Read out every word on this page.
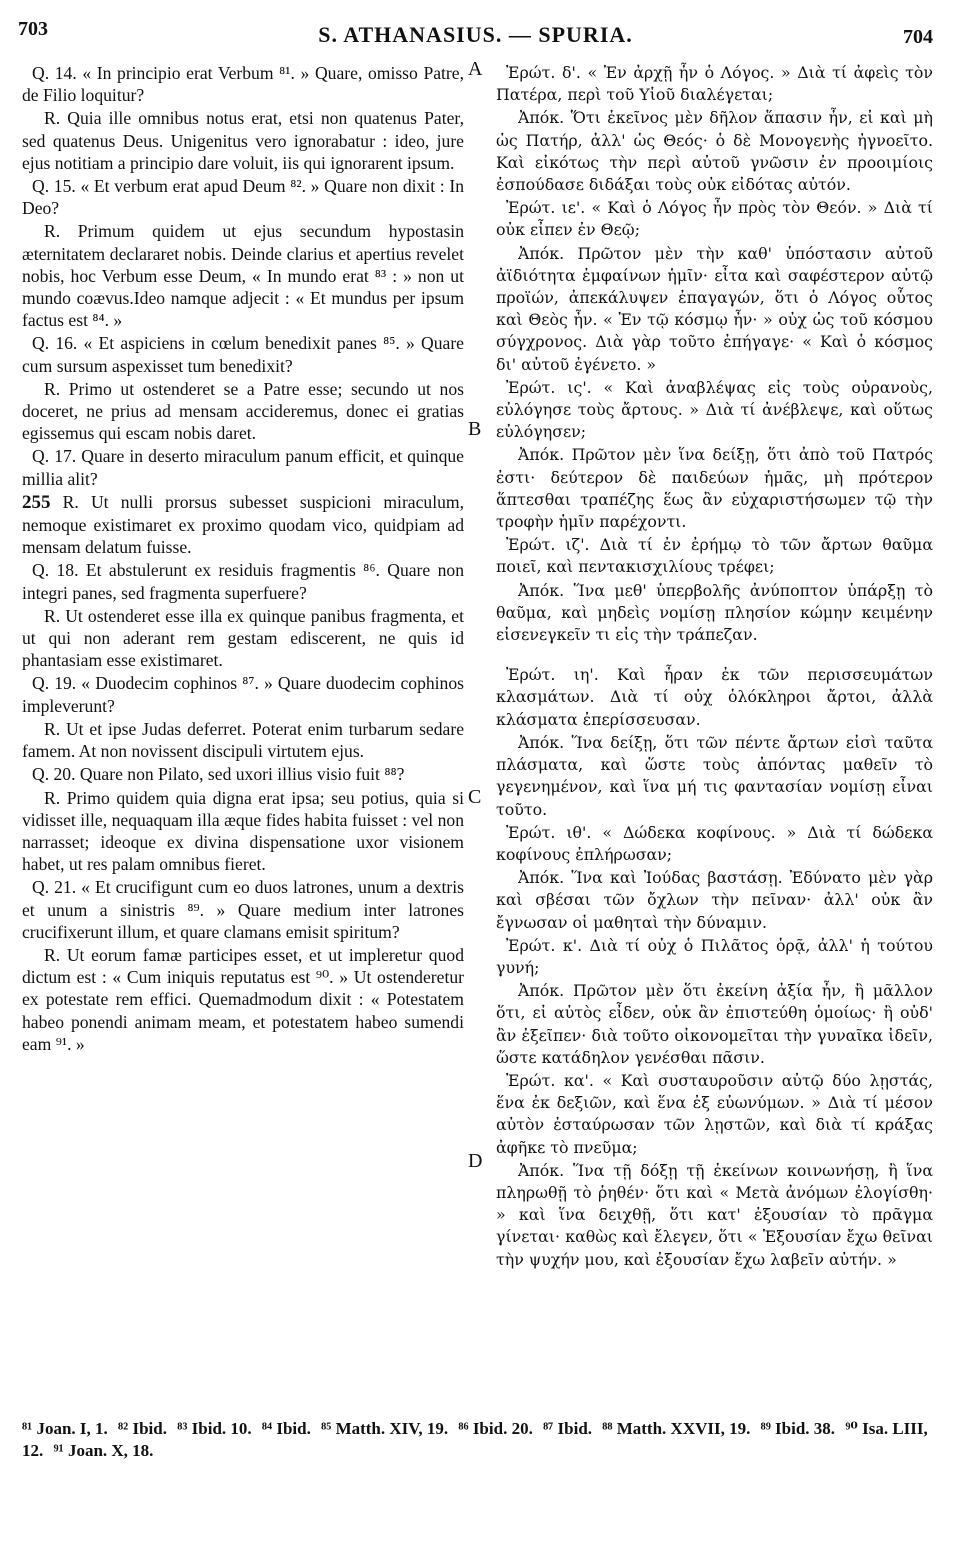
703	S. ATHANASIUS. — SPURIA.	704
A
B
C
D

Q. 14. « In principio erat Verbum ⁸¹. » Quare, omisso Patre, de Filio loquitur?

R. Quia ille omnibus notus erat, etsi non quatenus Pater, sed quatenus Deus. Unigenitus vero ignorabatur : ideo, jure ejus notitiam a principio dare voluit, iis qui ignorarent ipsum.

Q. 15. « Et verbum erat apud Deum ⁸². » Quare non dixit : In Deo?

R. Primum quidem ut ejus secundum hypostasin æternitatem declararet nobis. Deinde clarius et apertius revelet nobis, hoc Verbum esse Deum, « In mundo erat ⁸³ : » non ut mundo coævus.Ideo namque adjecit : « Et mundus per ipsum factus est ⁸⁴. »

Q. 16. « Et aspiciens in cœlum benedixit panes ⁸⁵. » Quare cum sursum aspexisset tum benedixit?

R. Primo ut ostenderet se a Patre esse; secundo ut nos doceret, ne prius ad mensam accideremus, donec ei gratias egissemus qui escam nobis daret.

Q. 17. Quare in deserto miraculum panum efficit, et quinque millia alit?

255 R. Ut nulli prorsus subesset suspicioni miraculum, nemoque existimaret ex proximo quodam vico, quidpiam ad mensam delatum fuisse.

Q. 18. Et abstulerunt ex residuis fragmentis ⁸⁶. Quare non integri panes, sed fragmenta superfuere?

R. Ut ostenderet esse illa ex quinque panibus fragmenta, et ut qui non aderant rem gestam ediscerent, ne quis id phantasiam esse existimaret.

Q. 19. « Duodecim cophinos ⁸⁷. » Quare duodecim cophinos impleverunt?

R. Ut et ipse Judas deferret. Poterat enim turbarum sedare famem. At non novissent discipuli virtutem ejus.

Q. 20. Quare non Pilato, sed uxori illius visio fuit ⁸⁸?

R. Primo quidem quia digna erat ipsa; seu potius, quia si vidisset ille, nequaquam illa æque fides habita fuisset : vel non narrasset; ideoque ex divina dispensatione uxor visionem habet, ut res palam omnibus fieret.

Q. 21. « Et crucifigunt cum eo duos latrones, unum a dextris et unum a sinistris ⁸⁹. » Quare medium inter latrones crucifixerunt illum, et quare clamans emisit spiritum?

R. Ut eorum famæ participes esset, et ut impleretur quod dictum est : « Cum iniquis reputatus est ⁹⁰. » Ut ostenderetur ex potestate rem effici. Quemadmodum dixit : « Potestatem habeo ponendi animam meam, et potestatem habeo sumendi eam ⁹¹. »

Ἐρώτ. δ'. « Ἐν ἀρχῇ ἦν ὁ Λόγος. » Διὰ τί ἀφεὶς τὸν Πατέρα, περὶ τοῦ Υἱοῦ διαλέγεται;

Ἀπόκ. Ὅτι ἐκεῖνος μὲν δῆλον ἅπασιν ἦν, εἰ καὶ μὴ ὡς Πατήρ, ἀλλ' ὡς Θεός· ὁ δὲ Μονογενὴς ἠγνοεῖτο. Καὶ εἰκότως τὴν περὶ αὐτοῦ γνῶσιν ἐν προοιμίοις ἐσπούδασε διδάξαι τοὺς οὐκ εἰδότας αὐτόν.

Ἐρώτ. ιε'. « Καὶ ὁ Λόγος ἦν πρὸς τὸν Θεόν. » Διὰ τί οὐκ εἶπεν ἐν Θεῷ;

Ἀπόκ. Πρῶτον μὲν τὴν καθ' ὑπόστασιν αὐτοῦ ἀϊδιότητα ἐμφαίνων ἡμῖν· εἶτα καὶ σαφέστερον αὐτῷ προϊών, ἀπεκάλυψεν ἐπαγαγών, ὅτι ὁ Λόγος οὗτος καὶ Θεὸς ἦν. « Ἐν τῷ κόσμῳ ἦν· » οὐχ ὡς τοῦ κόσμου σύγχρονος. Διὰ γὰρ τοῦτο ἐπήγαγε· « Καὶ ὁ κόσμος δι' αὐτοῦ ἐγένετο. »

Ἐρώτ. ις'. « Καὶ ἀναβλέψας εἰς τοὺς οὐρανοὺς, εὐλόγησε τοὺς ἄρτους. » Διὰ τί ἀνέβλεψε, καὶ οὕτως εὐλόγησεν;

Ἀπόκ. Πρῶτον μὲν ἵνα δείξῃ, ὅτι ἀπὸ τοῦ Πατρός ἐστι· δεύτερον δὲ παιδεύων ἡμᾶς, μὴ πρότερον ἅπτεσθαι τραπέζης ἕως ἂν εὐχαριστήσωμεν τῷ τὴν τροφὴν ἡμῖν παρέχοντι.

Ἐρώτ. ιζ'. Διὰ τί ἐν ἐρήμῳ τὸ τῶν ἄρτων θαῦμα ποιεῖ, καὶ πεντακισχιλίους τρέφει;

Ἀπόκ. Ἵνα μεθ' ὑπερβολῆς ἀνύποπτον ὑπάρξῃ τὸ θαῦμα, καὶ μηδεὶς νομίσῃ πλησίον κώμην κειμένην εἰσενεγκεῖν τι εἰς τὴν τράπεζαν.

Ἐρώτ. ιη'. Καὶ ἦραν ἐκ τῶν περισσευμάτων κλασμάτων. Διὰ τί οὐχ ὁλόκληροι ἄρτοι, ἀλλὰ κλάσματα ἐπερίσσευσαν.

Ἀπόκ. Ἵνα δείξῃ, ὅτι τῶν πέντε ἄρτων εἰσὶ ταῦτα πλάσματα, καὶ ὥστε τοὺς ἀπόντας μαθεῖν τὸ γεγενημένον, καὶ ἵνα μή τις φαντασίαν νομίσῃ εἶναι τοῦτο.

Ἐρώτ. ιθ'. « Δώδεκα κοφίνους. » Διὰ τί δώδεκα κοφίνους ἐπλήρωσαν;

Ἀπόκ. Ἵνα καὶ Ἰούδας βαστάσῃ. Ἐδύνατο μὲν γὰρ καὶ σβέσαι τῶν ὄχλων τὴν πεῖναν· ἀλλ' οὐκ ἂν ἔγνωσαν οἱ μαθηταὶ τὴν δύναμιν.

Ἐρώτ. κ'. Διὰ τί οὐχ ὁ Πιλᾶτος ὁρᾷ, ἀλλ' ἡ τούτου γυνή;

Ἀπόκ. Πρῶτον μὲν ὅτι ἐκείνη ἀξία ἦν, ἢ μᾶλλον ὅτι, εἰ αὐτὸς εἶδεν, οὐκ ἂν ἐπιστεύθη ὁμοίως· ἢ οὐδ' ἂν ἐξεῖπεν· διὰ τοῦτο οἰκονομεῖται τὴν γυναῖκα ἰδεῖν, ὥστε κατάδηλον γενέσθαι πᾶσιν.

Ἐρώτ. κα'. « Καὶ συσταυροῦσιν αὐτῷ δύο λῃστάς, ἕνα ἐκ δεξιῶν, καὶ ἕνα ἐξ εὐωνύμων. » Διὰ τί μέσον αὐτὸν ἐσταύρωσαν τῶν λῃστῶν, καὶ διὰ τί κράξας ἀφῆκε τὸ πνεῦμα;

Ἀπόκ. Ἵνα τῇ δόξῃ τῇ ἐκείνων κοινωνήσῃ, ἢ ἵνα πληρωθῇ τὸ ῥηθέν· ὅτι καὶ « Μετὰ ἀνόμων ἐλογίσθη· » καὶ ἵνα δειχθῇ, ὅτι κατ' ἐξουσίαν τὸ πρᾶγμα γίνεται· καθὼς καὶ ἔλεγεν, ὅτι « Ἐξουσίαν ἔχω θεῖναι τὴν ψυχήν μου, καὶ ἐξουσίαν ἔχω λαβεῖν αὐτήν. »

⁸¹ Joan. I, 1. ⁸² Ibid. ⁸³ Ibid. 10. ⁸⁴ Ibid. ⁸⁵ Matth. XIV, 19. ⁸⁶ Ibid. 20. ⁸⁷ Ibid. ⁸⁸ Matth. XXVII, 19. ⁸⁹ Ibid. 38. ⁹⁰ Isa. LIII, 12. ⁹¹ Joan. X, 18.
